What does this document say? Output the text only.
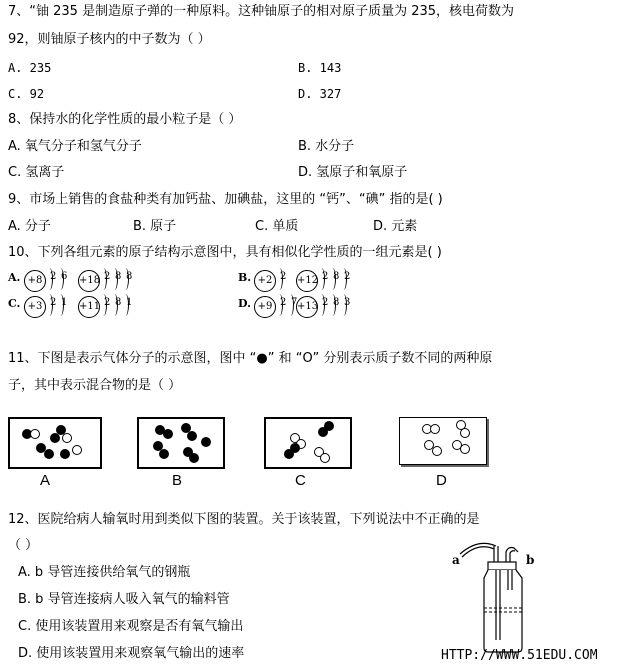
7、“铀 235 是制造原子弹的一种原料。这种铀原子的相对原子质量为 235，核电荷数为
92，则铀原子核内的中子数为（ ）
A. 235	B. 143
C. 92	D. 327
8、保持水的化学性质的最小粒子是（ ）
A. 氧气分子和氢气分子	B. 水分子
C. 氢离子	D. 氢原子和氧原子
9、市场上销售的食盐种类有加钙盐、加碘盐，这里的 “钙”、“碘” 指的是( )
A. 分子	B. 原子	C. 单质	D. 元素
10、下列各组元素的原子结构示意图中，具有相似化学性质的一组元素是( )
A. +8 2 6 +18 2 8 8	B. +2 2 +12 2 8 2
C. +3 2 1 +11 2 8 1	D. +9 2 7 +13 2 8 3
11、下图是表示气体分子的示意图，图中 “●” 和 “O” 分别表示质子数不同的两种原
子，其中表示混合物的是（ ）
A	B	C	D
12、医院给病人输氧时用到类似下图的装置。关于该装置，下列说法中不正确的是
（ ）
A. b 导管连接供给氧气的钢瓶
B. b 导管连接病人吸入氧气的输料管
C. 使用该装置用来观察是否有氧气输出
D. 使用该装置用来观察氧气输出的速率
a	b
HTTP://WWW.51EDU.COM
